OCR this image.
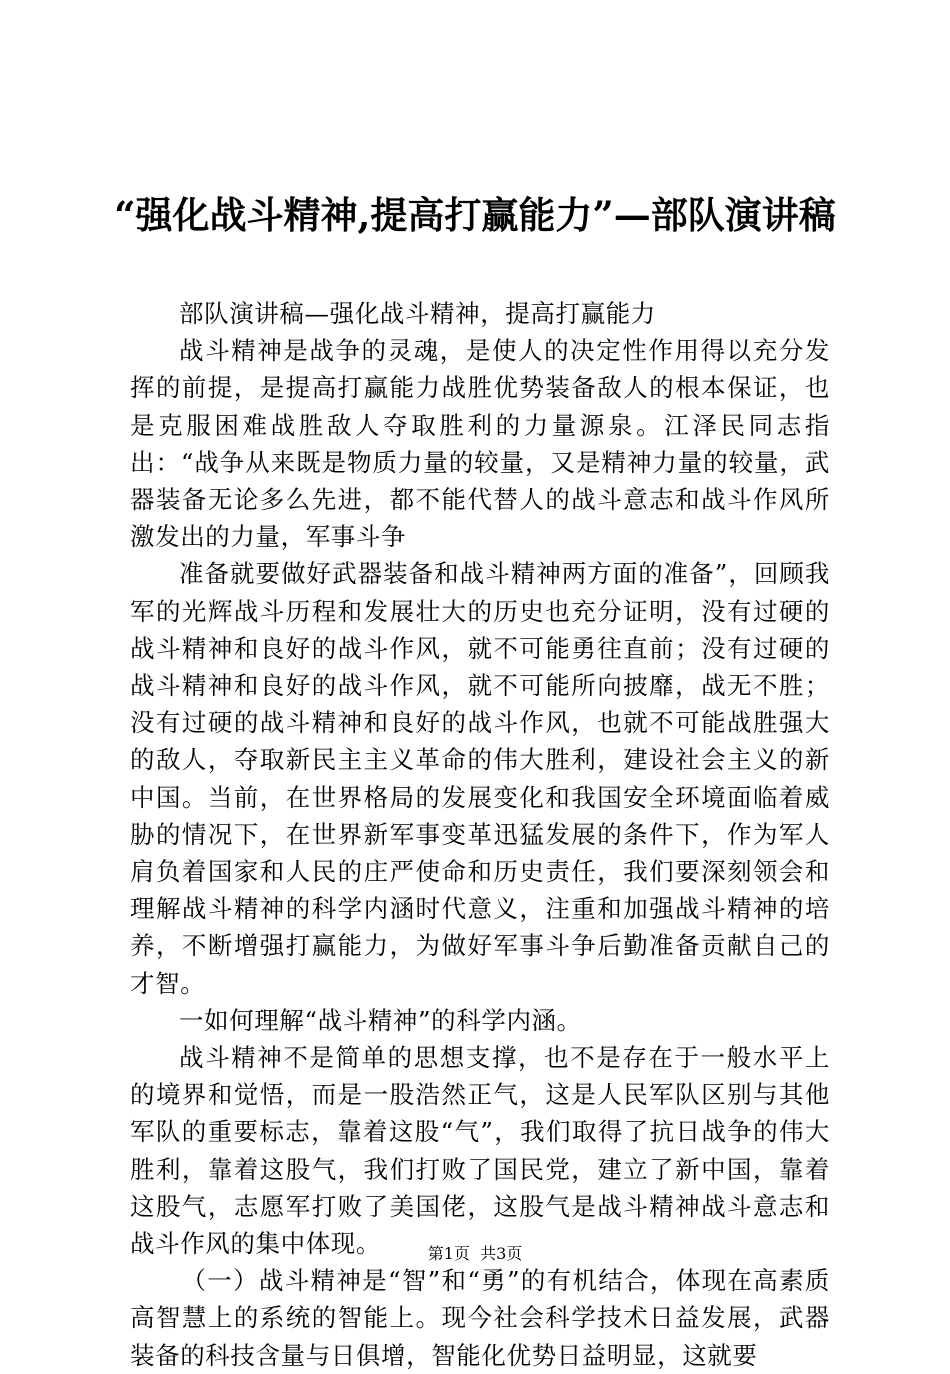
“强化战斗精神,提高打赢能力”—部队演讲稿

部队演讲稿—强化战斗精神，提高打赢能力

战斗精神是战争的灵魂，是使人的决定性作用得以充分发挥的前提，是提高打赢能力战胜优势装备敌人的根本保证，也是克服困难战胜敌人夺取胜利的力量源泉。江泽民同志指出：“战争从来既是物质力量的较量，又是精神力量的较量，武器装备无论多么先进，都不能代替人的战斗意志和战斗作风所激发出的力量，军事斗争

准备就要做好武器装备和战斗精神两方面的准备”，回顾我军的光辉战斗历程和发展壮大的历史也充分证明，没有过硬的战斗精神和良好的战斗作风，就不可能勇往直前；没有过硬的战斗精神和良好的战斗作风，就不可能所向披靡，战无不胜；没有过硬的战斗精神和良好的战斗作风，也就不可能战胜强大的敌人，夺取新民主主义革命的伟大胜利，建设社会主义的新中国。当前，在世界格局的发展变化和我国安全环境面临着威胁的情况下，在世界新军事变革迅猛发展的条件下，作为军人肩负着国家和人民的庄严使命和历史责任，我们要深刻领会和理解战斗精神的科学内涵时代意义，注重和加强战斗精神的培养，不断增强打赢能力，为做好军事斗争后勤准备贡献自己的才智。

一如何理解“战斗精神”的科学内涵。

战斗精神不是简单的思想支撑，也不是存在于一般水平上的境界和觉悟，而是一股浩然正气，这是人民军队区别与其他军队的重要标志，靠着这股“气”，我们取得了抗日战争的伟大胜利，靠着这股气，我们打败了国民党，建立了新中国，靠着这股气，志愿军打败了美国佬，这股气是战斗精神战斗意志和战斗作风的集中体现。

（一）战斗精神是“智”和“勇”的有机结合，体现在高素质高智慧上的系统的智能上。现今社会科学技术日益发展，武器装备的科技含量与日俱增，智能化优势日益明显，这就要

第1页  共3页
